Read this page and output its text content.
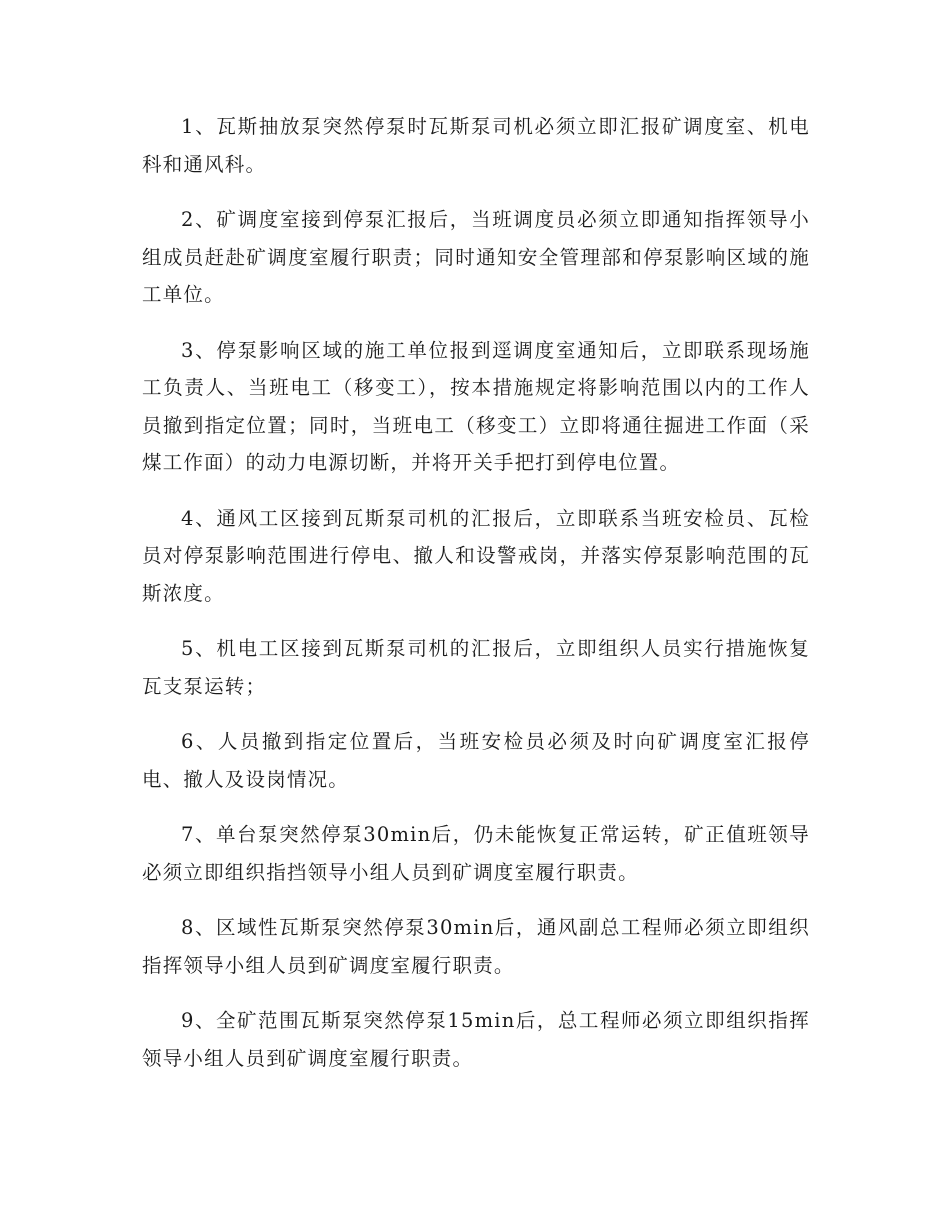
1、瓦斯抽放泵突然停泵时瓦斯泵司机必须立即汇报矿调度室、机电科和通风科。

2、矿调度室接到停泵汇报后，当班调度员必须立即通知指挥领导小组成员赶赴矿调度室履行职责；同时通知安全管理部和停泵影响区域的施工单位。

3、停泵影响区域的施工单位报到逕调度室通知后，立即联系现场施工负责人、当班电工（移变工），按本措施规定将影响范围以内的工作人员撤到指定位置；同时，当班电工（移变工）立即将通往掘进工作面（采煤工作面）的动力电源切断，并将开关手把打到停电位置。

4、通风工区接到瓦斯泵司机的汇报后，立即联系当班安检员、瓦检员对停泵影响范围进行停电、撤人和设警戒岗，并落实停泵影响范围的瓦斯浓度。

5、机电工区接到瓦斯泵司机的汇报后，立即组织人员实行措施恢复瓦支泵运转；

6、人员撤到指定位置后，当班安检员必须及时向矿调度室汇报停电、撤人及设岗情况。

7、单台泵突然停泵30min后，仍未能恢复正常运转，矿正值班领导必须立即组织指挡领导小组人员到矿调度室履行职责。

8、区域性瓦斯泵突然停泵30min后，通风副总工程师必须立即组织指挥领导小组人员到矿调度室履行职责。

9、全矿范围瓦斯泵突然停泵15min后，总工程师必须立即组织指挥领导小组人员到矿调度室履行职责。
